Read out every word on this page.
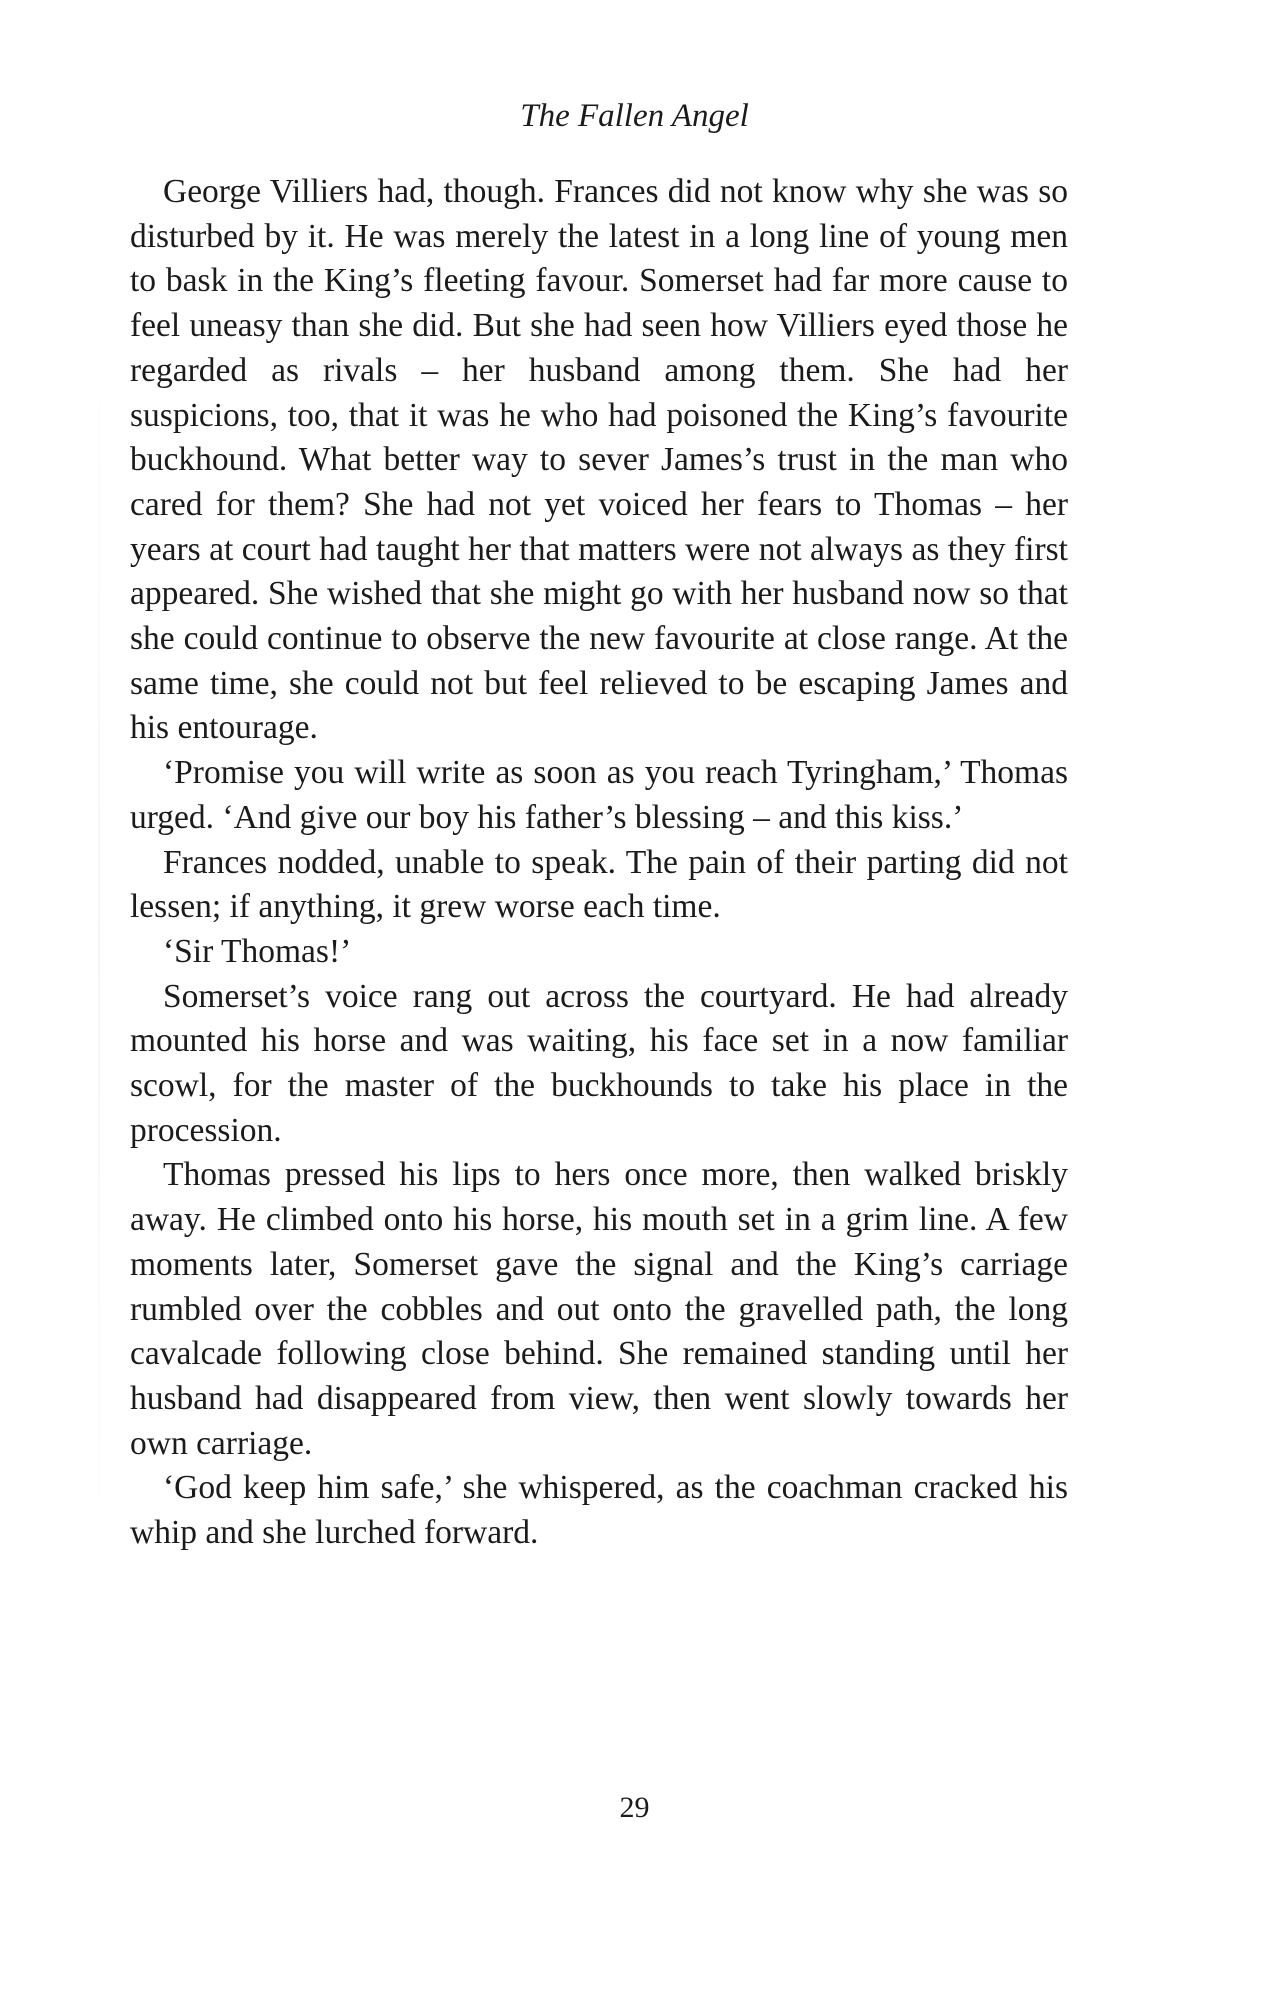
The Fallen Angel

George Villiers had, though. Frances did not know why she was so disturbed by it. He was merely the latest in a long line of young men to bask in the King’s fleeting favour. Somerset had far more cause to feel uneasy than she did. But she had seen how Villiers eyed those he regarded as rivals – her husband among them. She had her suspicions, too, that it was he who had poisoned the King’s favourite buckhound. What better way to sever James’s trust in the man who cared for them? She had not yet voiced her fears to Thomas – her years at court had taught her that matters were not always as they first appeared. She wished that she might go with her husband now so that she could continue to observe the new favourite at close range. At the same time, she could not but feel relieved to be escaping James and his entourage.

‘Promise you will write as soon as you reach Tyringham,’ Thomas urged. ‘And give our boy his father’s blessing – and this kiss.’

Frances nodded, unable to speak. The pain of their parting did not lessen; if anything, it grew worse each time.

‘Sir Thomas!’

Somerset’s voice rang out across the courtyard. He had already mounted his horse and was waiting, his face set in a now familiar scowl, for the master of the buckhounds to take his place in the procession.

Thomas pressed his lips to hers once more, then walked briskly away. He climbed onto his horse, his mouth set in a grim line. A few moments later, Somerset gave the signal and the King’s carriage rumbled over the cobbles and out onto the gravelled path, the long cavalcade following close behind. She remained standing until her husband had disappeared from view, then went slowly towards her own carriage.

‘God keep him safe,’ she whispered, as the coachman cracked his whip and she lurched forward.

29
